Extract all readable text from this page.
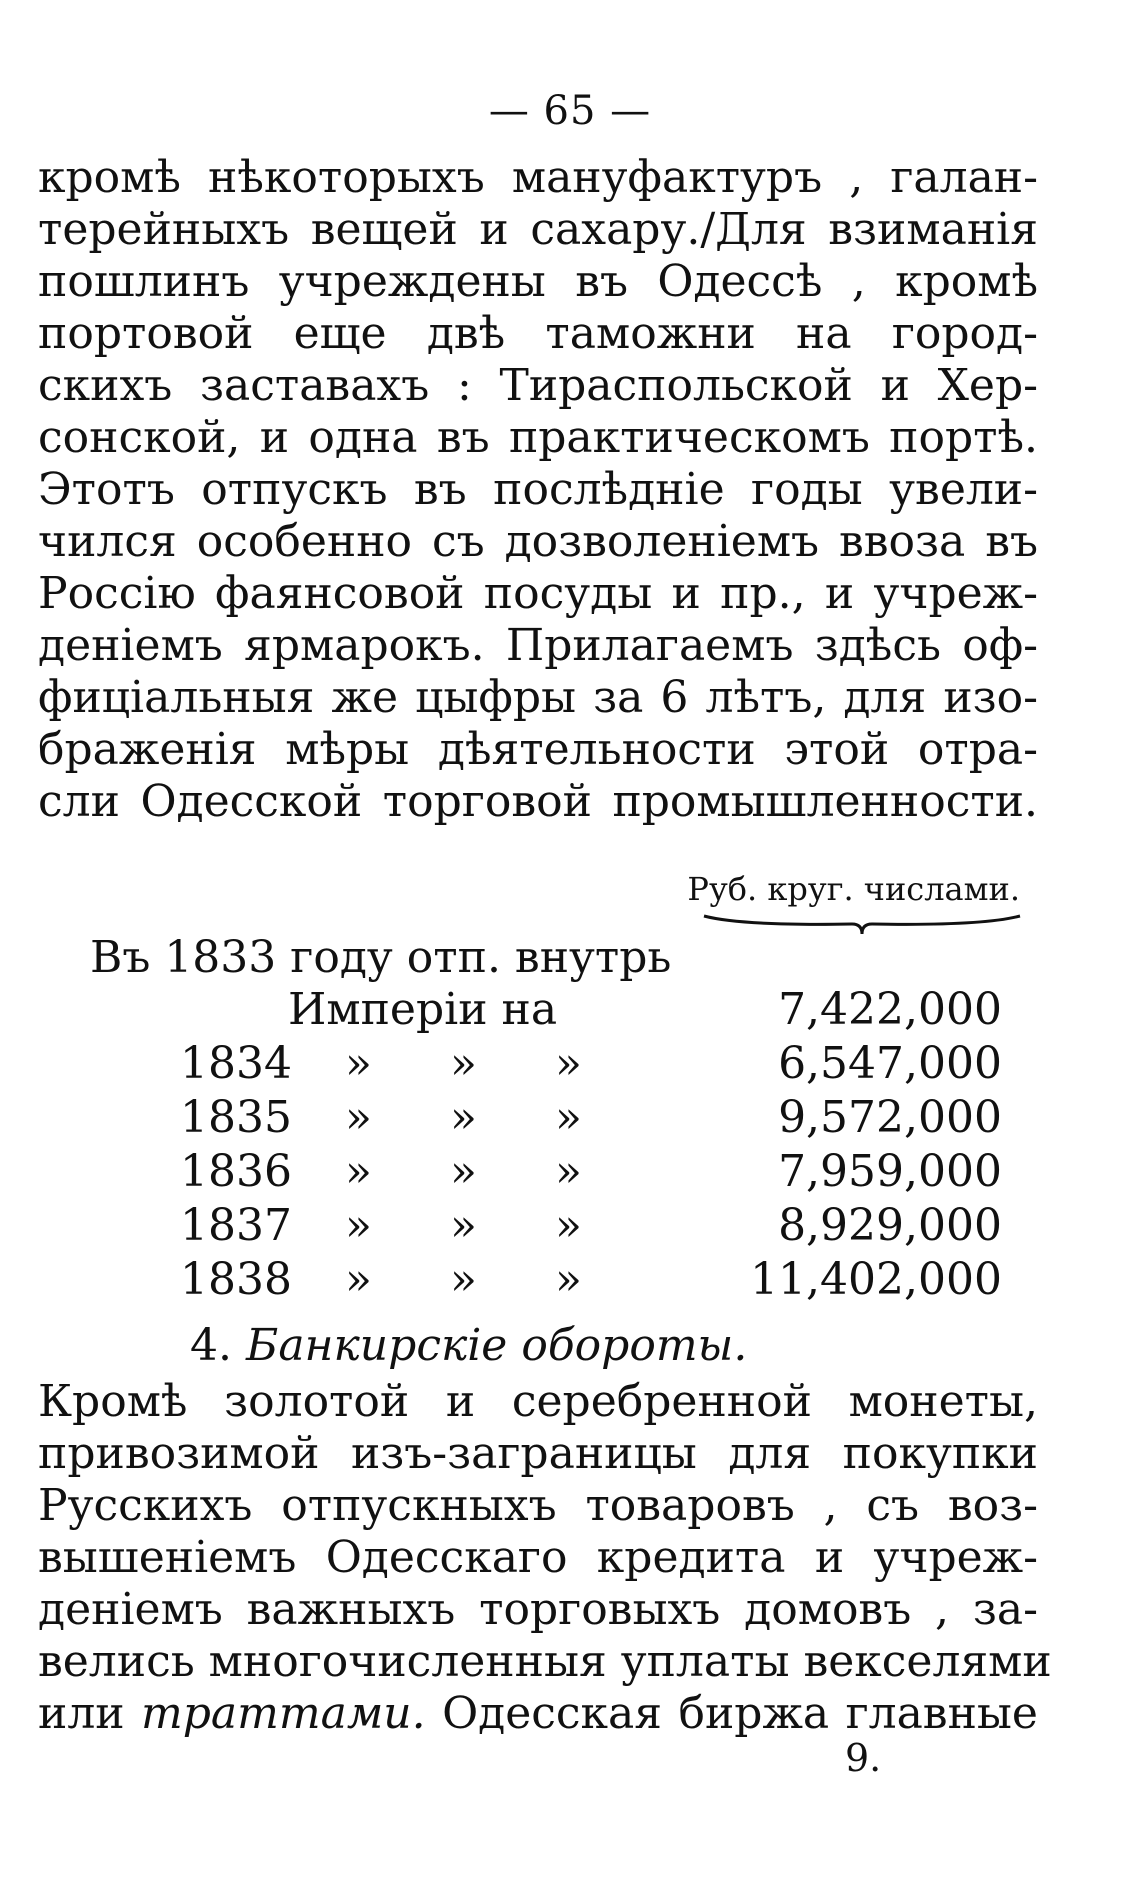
— 65 —
кромѣ нѣкоторыхъ мануфактуръ , галан-
терейныхъ вещей и сахару./Для взиманія
пошлинъ учреждены въ Одессѣ , кромѣ
портовой еще двѣ таможни на город-
скихъ заставахъ : Тираспольской и Хер-
сонской, и одна въ практическомъ портѣ.
Этотъ отпускъ въ послѣдніе годы увели-
чился особенно съ дозволеніемъ ввоза въ
Россію фаянсовой посуды и пр., и учреж-
деніемъ ярмарокъ. Прилагаемъ здѣсь оф-
фиціальныя же цыфры за 6 лѣтъ, для изо-
браженія мѣры дѣятельности этой отра-
сли Одесской торговой промышленности.
Руб. круг. числами.
Въ 1833 году отп. внутрь
Имперіи на	7,422,000
1834 » » »	6,547,000
1835 » » »	9,572,000
1836 » » »	7,959,000
1837 » » »	8,929,000
1838 » » »	11,402,000
4. Банкирскіе обороты.
Кромѣ золотой и серебренной монеты,
привозимой изъ-заграницы для покупки
Русскихъ отпускныхъ товаровъ , съ воз-
вышеніемъ Одесскаго кредита и учреж-
деніемъ важныхъ торговыхъ домовъ , за-
велись многочисленныя уплаты векселями
или траттами. Одесская биржа главные
9.
